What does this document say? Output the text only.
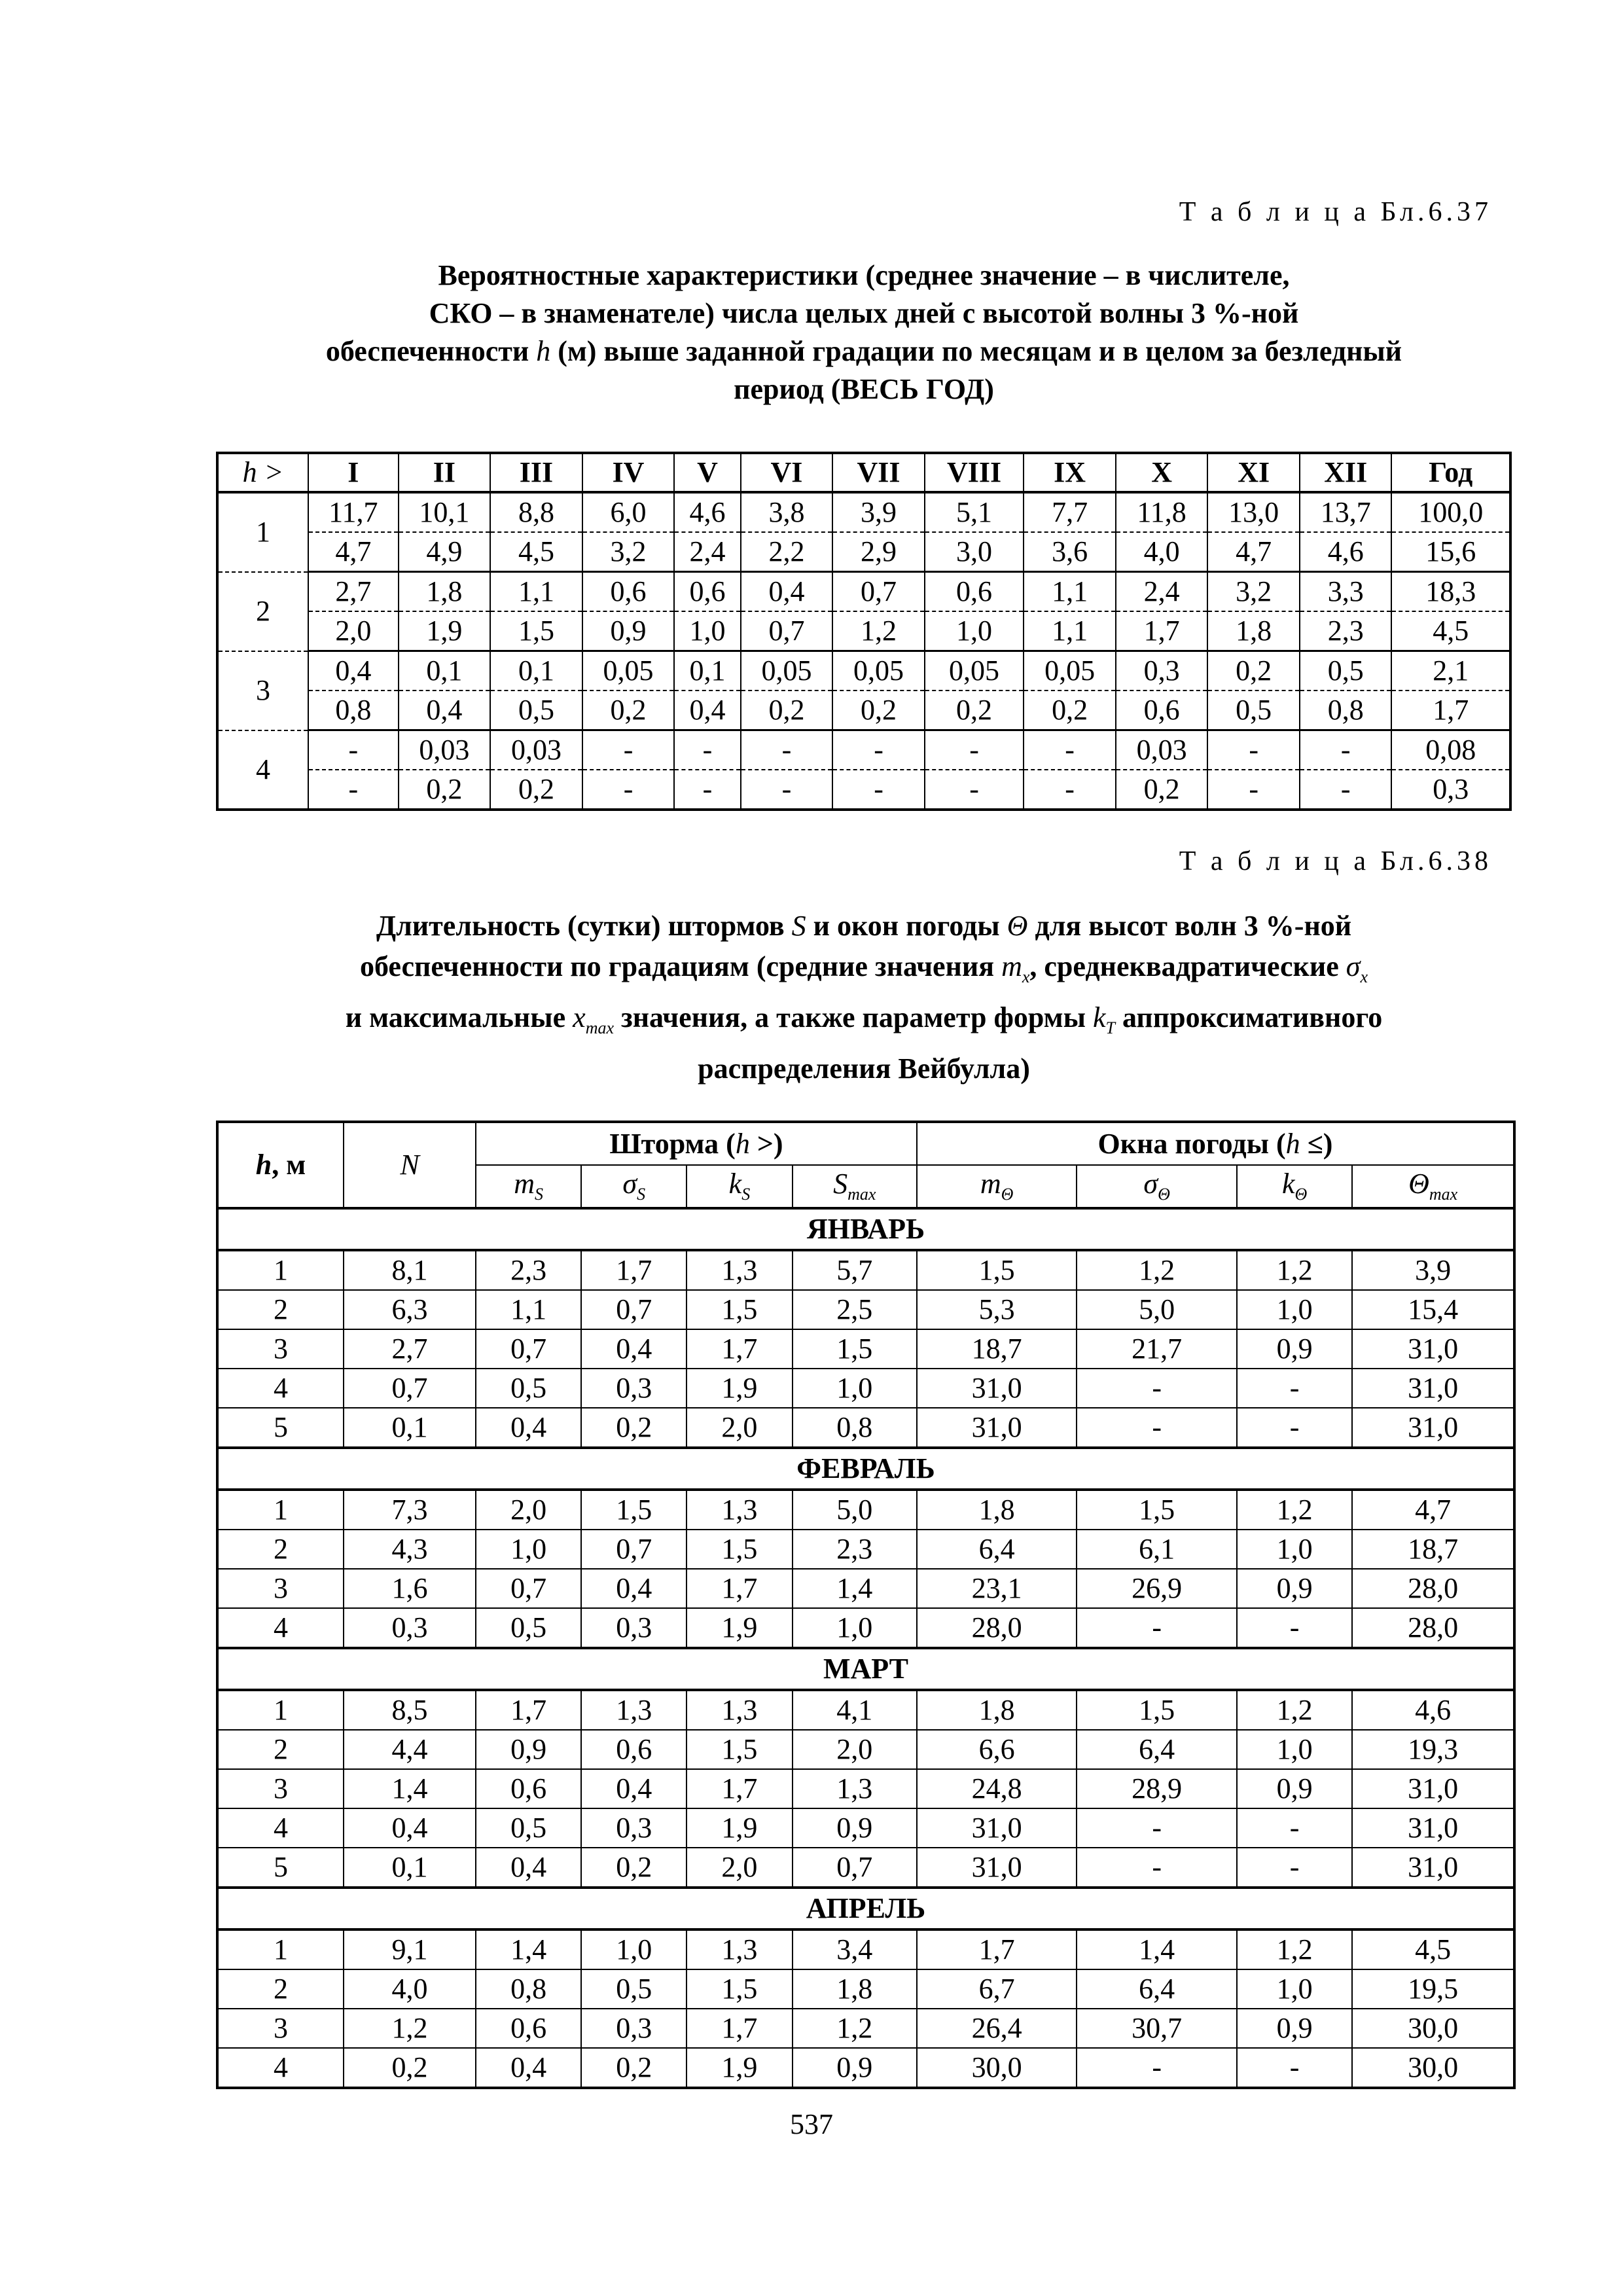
Т а б л и ц а Бл.6.37
Вероятностные характеристики (среднее значение – в числителе,
СКО – в знаменателе) числа целых дней с высотой волны 3 %-ной
обеспеченности h (м) выше заданной градации по месяцам и в целом за безледный
период (ВЕСЬ ГОД)
h >	I	II	III	IV	V	VI	VII	VIII	IX	X	XI	XII	Год
1	11,7	10,1	8,8	6,0	4,6	3,8	3,9	5,1	7,7	11,8	13,0	13,7	100,0
	4,7	4,9	4,5	3,2	2,4	2,2	2,9	3,0	3,6	4,0	4,7	4,6	15,6
2	2,7	1,8	1,1	0,6	0,6	0,4	0,7	0,6	1,1	2,4	3,2	3,3	18,3
	2,0	1,9	1,5	0,9	1,0	0,7	1,2	1,0	1,1	1,7	1,8	2,3	4,5
3	0,4	0,1	0,1	0,05	0,1	0,05	0,05	0,05	0,05	0,3	0,2	0,5	2,1
	0,8	0,4	0,5	0,2	0,4	0,2	0,2	0,2	0,2	0,6	0,5	0,8	1,7
4	-	0,03	0,03	-	-	-	-	-	-	0,03	-	-	0,08
	-	0,2	0,2	-	-	-	-	-	-	0,2	-	-	0,3
Т а б л и ц а Бл.6.38
Длительность (сутки) штормов S и окон погоды Θ для высот волн 3 %-ной
обеспеченности по градациям (средние значения $m_x$, среднеквадратические $\sigma_x$
и максимальные $x_{max}$ значения, а также параметр формы $k_T$ аппроксимативного
распределения Вейбулла)
h, м	N	Шторма (h >)				Окна погоды (h ≤)			
		$m_S$	$\sigma_S$	$k_S$	$S_{max}$	$m_\Theta$	$\sigma_\Theta$	$k_\Theta$	$\Theta_{max}$
ЯНВАРЬ									
1	8,1	2,3	1,7	1,3	5,7	1,5	1,2	1,2	3,9
2	6,3	1,1	0,7	1,5	2,5	5,3	5,0	1,0	15,4
3	2,7	0,7	0,4	1,7	1,5	18,7	21,7	0,9	31,0
4	0,7	0,5	0,3	1,9	1,0	31,0	-	-	31,0
5	0,1	0,4	0,2	2,0	0,8	31,0	-	-	31,0
ФЕВРАЛЬ									
1	7,3	2,0	1,5	1,3	5,0	1,8	1,5	1,2	4,7
2	4,3	1,0	0,7	1,5	2,3	6,4	6,1	1,0	18,7
3	1,6	0,7	0,4	1,7	1,4	23,1	26,9	0,9	28,0
4	0,3	0,5	0,3	1,9	1,0	28,0	-	-	28,0
МАРТ									
1	8,5	1,7	1,3	1,3	4,1	1,8	1,5	1,2	4,6
2	4,4	0,9	0,6	1,5	2,0	6,6	6,4	1,0	19,3
3	1,4	0,6	0,4	1,7	1,3	24,8	28,9	0,9	31,0
4	0,4	0,5	0,3	1,9	0,9	31,0	-	-	31,0
5	0,1	0,4	0,2	2,0	0,7	31,0	-	-	31,0
АПРЕЛЬ									
1	9,1	1,4	1,0	1,3	3,4	1,7	1,4	1,2	4,5
2	4,0	0,8	0,5	1,5	1,8	6,7	6,4	1,0	19,5
3	1,2	0,6	0,3	1,7	1,2	26,4	30,7	0,9	30,0
4	0,2	0,4	0,2	1,9	0,9	30,0	-	-	30,0
537
